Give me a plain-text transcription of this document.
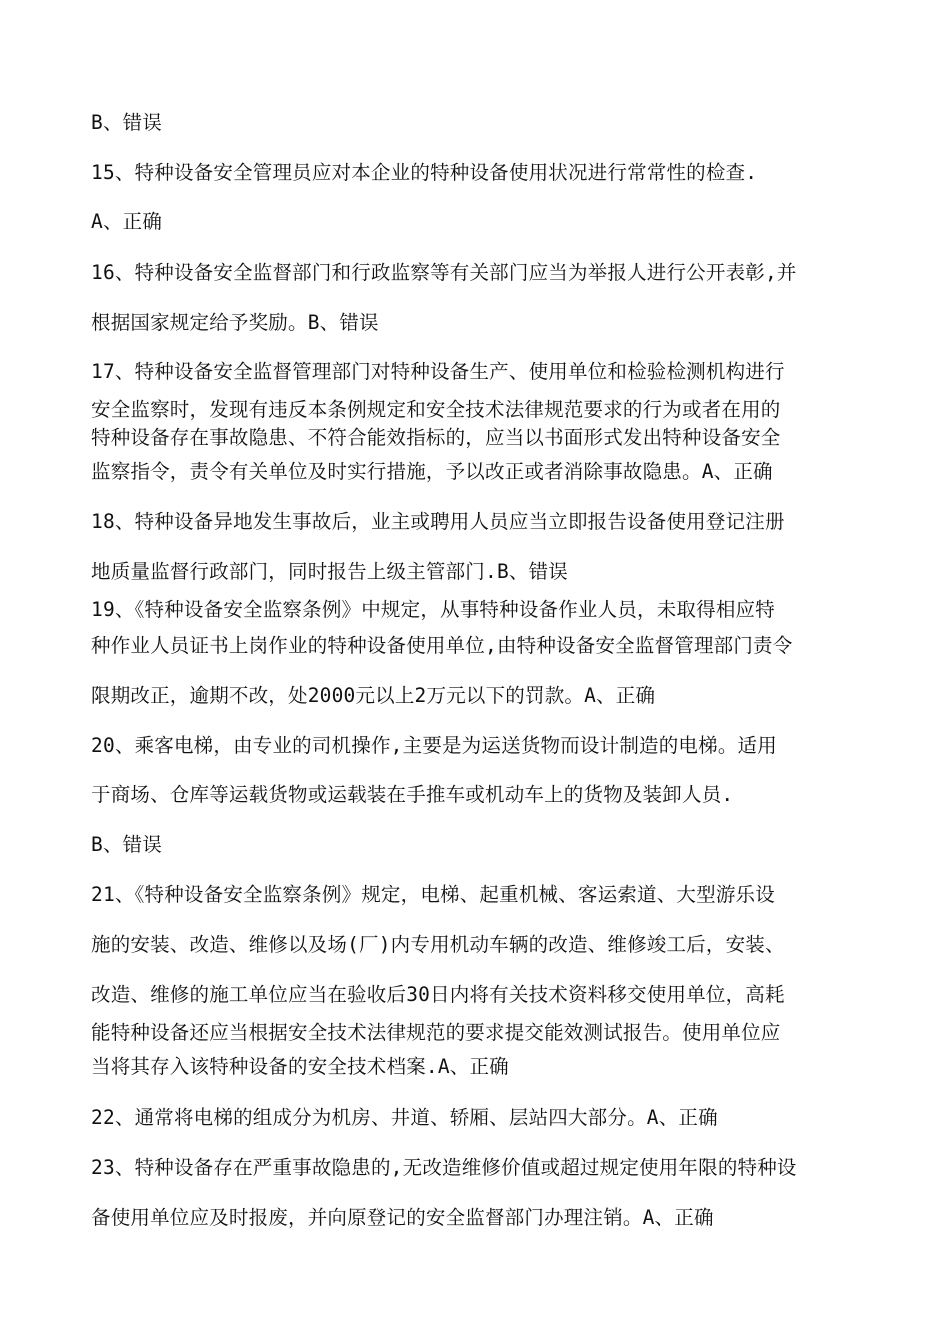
B、错误
15、特种设备安全管理员应对本企业的特种设备使用状况进行常常性的检查.
A、正确
16、特种设备安全监督部门和行政监察等有关部门应当为举报人进行公开表彰,并
根据国家规定给予奖励。B、错误
17、特种设备安全监督管理部门对特种设备生产、使用单位和检验检测机构进行
安全监察时，发现有违反本条例规定和安全技术法律规范要求的行为或者在用的
特种设备存在事故隐患、不符合能效指标的，应当以书面形式发出特种设备安全
监察指令，责令有关单位及时实行措施，予以改正或者消除事故隐患。A、正确
18、特种设备异地发生事故后，业主或聘用人员应当立即报告设备使用登记注册
地质量监督行政部门，同时报告上级主管部门.B、错误
19、《特种设备安全监察条例》中规定，从事特种设备作业人员，未取得相应特
种作业人员证书上岗作业的特种设备使用单位,由特种设备安全监督管理部门责令
限期改正，逾期不改，处2000元以上2万元以下的罚款。A、正确
20、乘客电梯，由专业的司机操作,主要是为运送货物而设计制造的电梯。适用
于商场、仓库等运载货物或运载装在手推车或机动车上的货物及装卸人员.
B、错误
21、《特种设备安全监察条例》规定，电梯、起重机械、客运索道、大型游乐设
施的安装、改造、维修以及场(厂)内专用机动车辆的改造、维修竣工后，安装、
改造、维修的施工单位应当在验收后30日内将有关技术资料移交使用单位，高耗
能特种设备还应当根据安全技术法律规范的要求提交能效测试报告。使用单位应
当将其存入该特种设备的安全技术档案.A、正确
22、通常将电梯的组成分为机房、井道、轿厢、层站四大部分。A、正确
23、特种设备存在严重事故隐患的,无改造维修价值或超过规定使用年限的特种设
备使用单位应及时报废，并向原登记的安全监督部门办理注销。A、正确
